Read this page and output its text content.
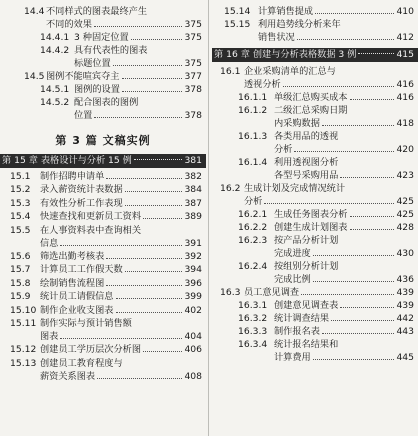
14.4 不同样式的图表最终产生
不同的效果	375
14.4.1 3 种固定位置	375
14.4.2 具有代表性的图表
标题位置	375
14.5 图例不能喧宾夺主	377
14.5.1 图例的设置	378
14.5.2 配合图表的图例
位置	378
第 3 篇 文稿实例
第 15 章 表格设计与分析 15 例	381
15.1 制作招聘申请单	382
15.2 录入薪资统计表数据	384
15.3 有效性分析工作表现	387
15.4 快速查找和更新员工资料	389
15.5	在人事资料表中查询相关
信息	391
15.6 筛选出勤考核表	392
15.7 计算员工工作假天数	394
15.8 绘制销售流程图	396
15.9 统计员工请假信息	399
15.10 制作企业收支图表	402
15.11 制作实际与预计销售额
图表	404
15.12 创建员工学历层次分析图	406
15.13 创建员工教育程度与
薪资关系图表	408
15.14 计算销售提成	410
15.15 利用趋势线分析来年
销售状况	412
第 16 章 创建与分析表格数据 3 例	415
16.1 企业采购清单的汇总与
透视分析	416
16.1.1 单级汇总购买成本	416
16.1.2 二级汇总采购日期
内采购数据	418
16.1.3 各类用品的透视
分析	420
16.1.4 利用透视图分析
各型号采购用品	423
16.2 生成计划及完成情况统计
分析	425
16.2.1 生成任务图表分析	425
16.2.2 创建生成计划图表	428
16.2.3 按产品分析计划
完成进度	430
16.2.4 按组别分析计划
完成比例	436
16.3 员工意见调查	439
16.3.1 创建意见调查表	439
16.3.2 统计调查结果	442
16.3.3 制作报名表	443
16.3.4 统计报名结果和
计算费用	445
